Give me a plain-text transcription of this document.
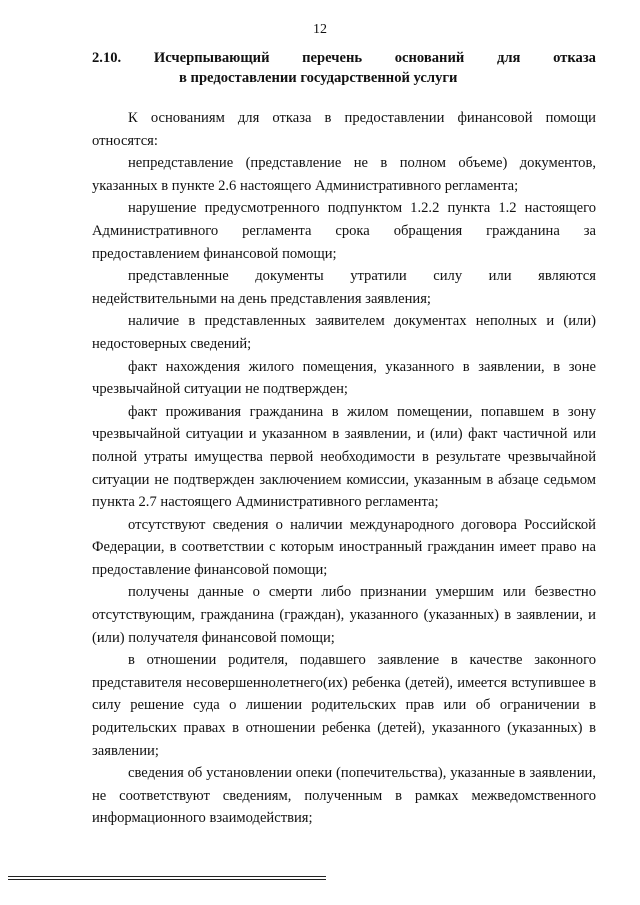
12
2.10. Исчерпывающий перечень оснований для отказа
в предоставлении государственной услуги

К основаниям для отказа в предоставлении финансовой помощи относятся:

непредставление (представление не в полном объеме) документов, указанных в пункте 2.6 настоящего Административного регламента;

нарушение предусмотренного подпунктом 1.2.2 пункта 1.2 настоящего Административного регламента срока обращения гражданина за предоставлением финансовой помощи;

представленные документы утратили силу или являются недействительными на день представления заявления;

наличие в представленных заявителем документах неполных и (или) недостоверных сведений;

факт нахождения жилого помещения, указанного в заявлении, в зоне чрезвычайной ситуации не подтвержден;

факт проживания гражданина в жилом помещении, попавшем в зону чрезвычайной ситуации и указанном в заявлении, и (или) факт частичной или полной утраты имущества первой необходимости в результате чрезвычайной ситуации не подтвержден заключением комиссии, указанным в абзаце седьмом пункта 2.7 настоящего Административного регламента;

отсутствуют сведения о наличии международного договора Российской Федерации, в соответствии с которым иностранный гражданин имеет право на предоставление финансовой помощи;

получены данные о смерти либо признании умершим или безвестно отсутствующим, гражданина (граждан), указанного (указанных) в заявлении, и (или) получателя финансовой помощи;

в отношении родителя, подавшего заявление в качестве законного представителя несовершеннолетнего(их) ребенка (детей), имеется вступившее в силу решение суда о лишении родительских прав или об ограничении в родительских правах в отношении ребенка (детей), указанного (указанных) в заявлении;

сведения об установлении опеки (попечительства), указанные в заявлении, не соответствуют сведениям, полученным в рамках межведомственного информационного взаимодействия;
